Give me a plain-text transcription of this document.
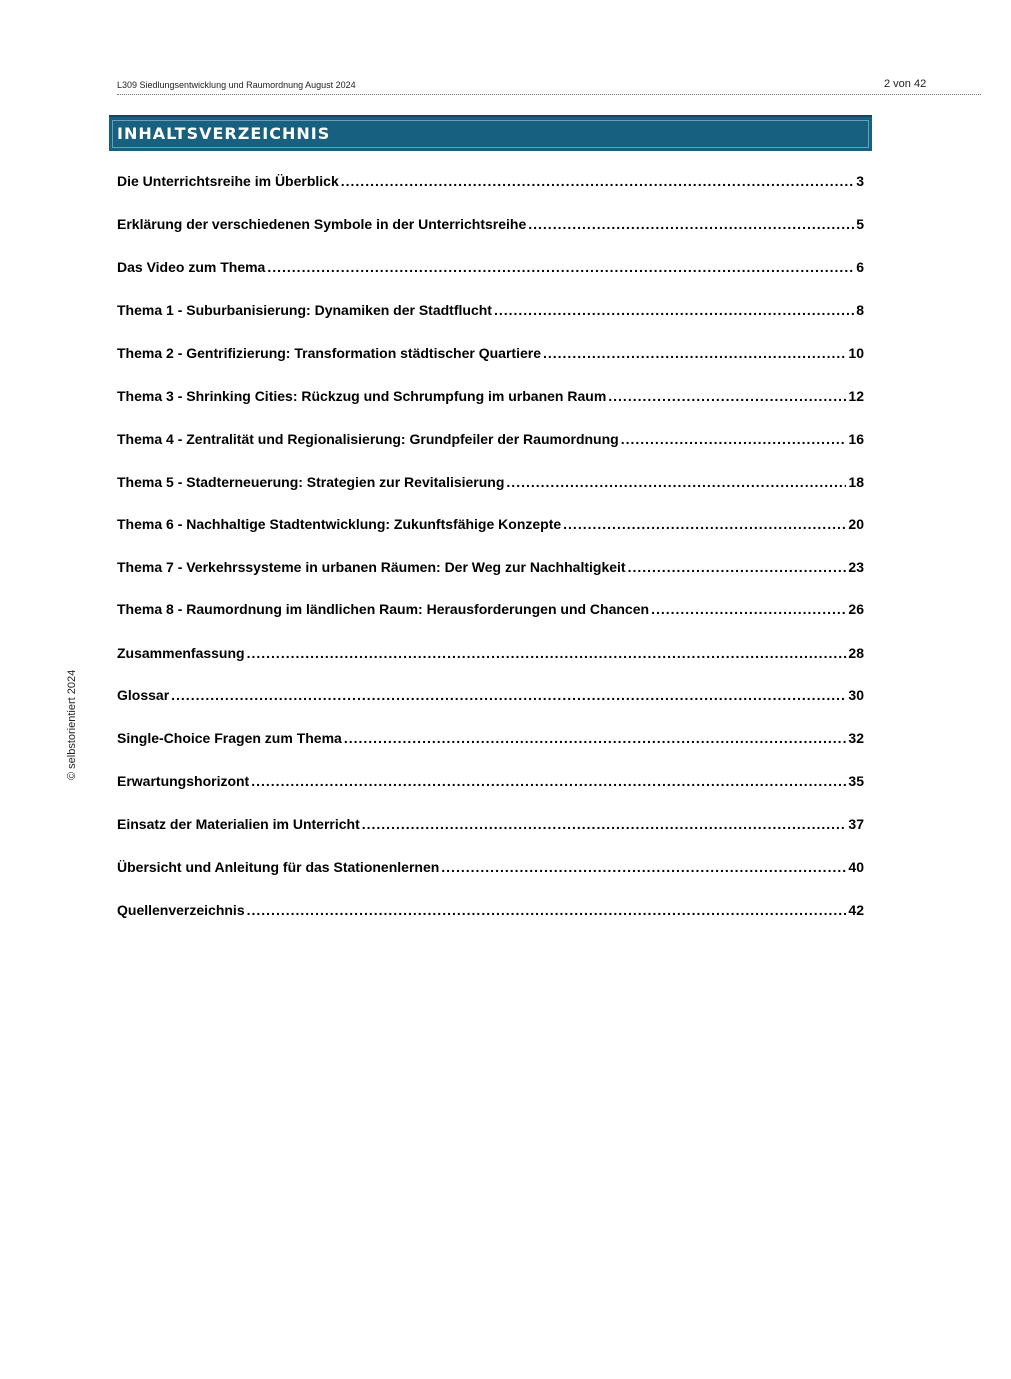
L309 Siedlungsentwicklung und Raumordnung August 2024	2 von 42
INHALTSVERZEICHNIS
Die Unterrichtsreihe im Überblick .....	3
Erklärung der verschiedenen Symbole in der Unterrichtsreihe .....	5
Das Video zum Thema .....	6
Thema 1 - Suburbanisierung: Dynamiken der Stadtflucht .....	8
Thema 2 - Gentrifizierung: Transformation städtischer Quartiere .....	10
Thema 3 - Shrinking Cities: Rückzug und Schrumpfung im urbanen Raum .....	12
Thema 4 - Zentralität und Regionalisierung: Grundpfeiler der Raumordnung .....	16
Thema 5 - Stadterneuerung: Strategien zur Revitalisierung .....	18
Thema 6 - Nachhaltige Stadtentwicklung: Zukunftsfähige Konzepte .....	20
Thema 7 - Verkehrssysteme in urbanen Räumen: Der Weg zur Nachhaltigkeit .....	23
Thema 8 - Raumordnung im ländlichen Raum: Herausforderungen und Chancen .....	26
Zusammenfassung .....	28
Glossar .....	30
Single-Choice Fragen zum Thema .....	32
Erwartungshorizont .....	35
Einsatz der Materialien im Unterricht .....	37
Übersicht und Anleitung für das Stationenlernen .....	40
Quellenverzeichnis .....	42
© selbstorientiert 2024
